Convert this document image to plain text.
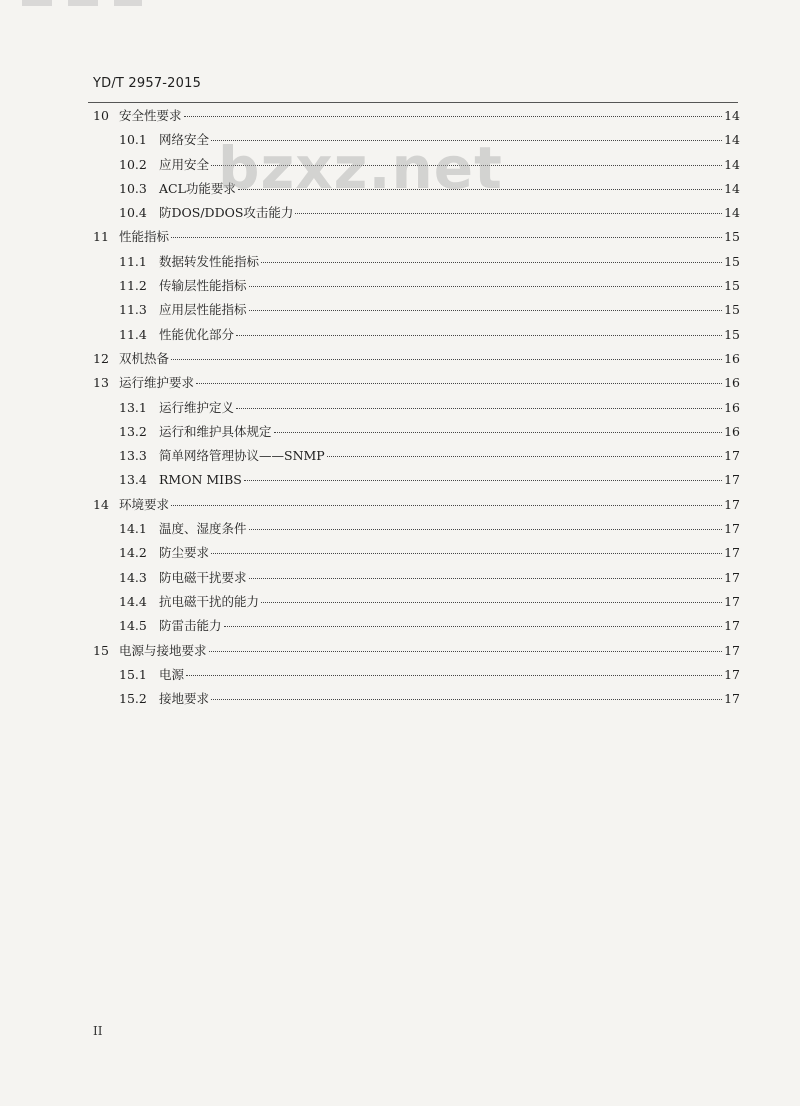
YD/T 2957-2015
10 安全性要求	14
10.1 网络安全	14
10.2 应用安全	14
10.3 ACL功能要求	14
10.4 防DOS/DDOS攻击能力	14
11 性能指标	15
11.1 数据转发性能指标	15
11.2 传输层性能指标	15
11.3 应用层性能指标	15
11.4 性能优化部分	15
12 双机热备	16
13 运行维护要求	16
13.1 运行维护定义	16
13.2 运行和维护具体规定	16
13.3 简单网络管理协议——SNMP	17
13.4 RMON MIBS	17
14 环境要求	17
14.1 温度、湿度条件	17
14.2 防尘要求	17
14.3 防电磁干扰要求	17
14.4 抗电磁干扰的能力	17
14.5 防雷击能力	17
15 电源与接地要求	17
15.1 电源	17
15.2 接地要求	17
bzxz.net
II
